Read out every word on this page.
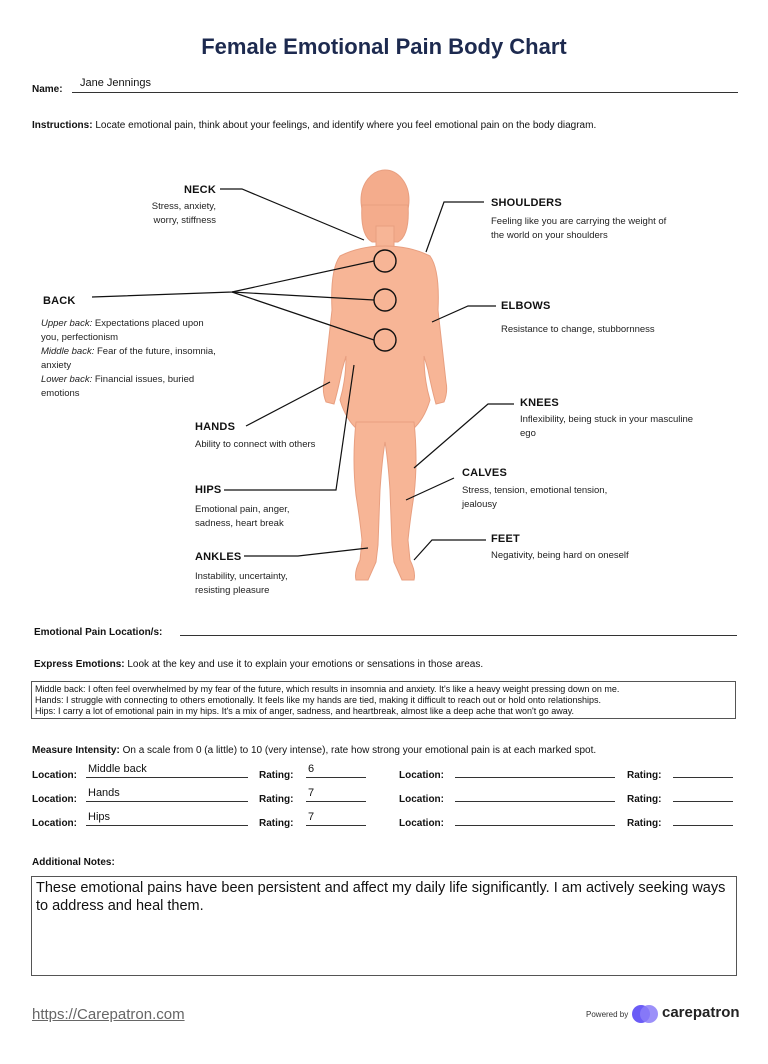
Female Emotional Pain Body Chart
Name:
Jane Jennings
Instructions: Locate emotional pain, think about your feelings, and identify where you feel emotional pain on the body diagram.
NECK
Stress, anxiety,
worry, stiffness
SHOULDERS
Feeling like you are carrying the weight of
the world on your shoulders
BACK
Upper back: Expectations placed upon
you, perfectionism
Middle back: Fear of the future, insomnia,
anxiety
Lower back: Financial issues, buried
emotions
ELBOWS
Resistance to change, stubbornness
KNEES
Inflexibility, being stuck in your masculine
ego
HANDS
Ability to connect with others
CALVES
Stress, tension, emotional tension,
jealousy
HIPS
Emotional pain, anger,
sadness, heart break
FEET
Negativity, being hard on oneself
ANKLES
Instability, uncertainty,
resisting pleasure
Emotional Pain Location/s:
Express Emotions: Look at the key and use it to explain your emotions or sensations in those areas.
Middle back: I often feel overwhelmed by my fear of the future, which results in insomnia and anxiety. It's like a heavy weight pressing down on me.
Hands: I struggle with connecting to others emotionally. It feels like my hands are tied, making it difficult to reach out or hold onto relationships.
Hips: I carry a lot of emotional pain in my hips. It's a mix of anger, sadness, and heartbreak, almost like a deep ache that won't go away.
Measure Intensity: On a scale from 0 (a little) to 10 (very intense), rate how strong your emotional pain is at each marked spot.
Location:
Middle back
Rating:
6
Location:	Rating:
Location:
Hands
Rating:
7
Location:	Rating:
Location:
Hips
Rating:
7
Location:	Rating:
Additional Notes:
These emotional pains have been persistent and affect my daily life significantly. I am actively seeking ways to address and heal them.
https://Carepatron.com	Powered by carepatron
